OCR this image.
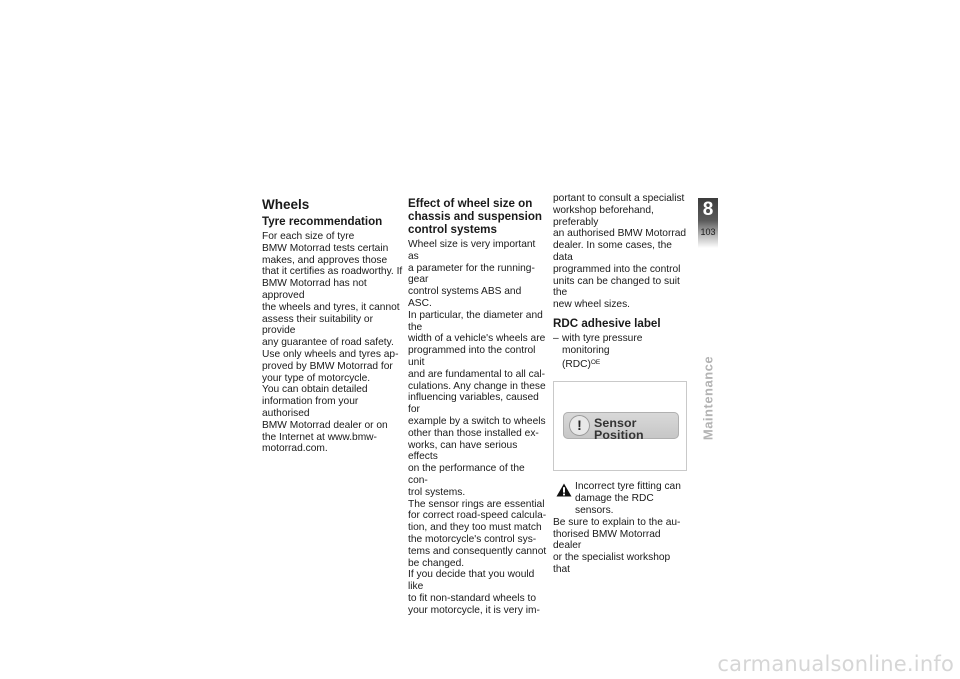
Wheels
Tyre recommendation

For each size of tyre
BMW Motorrad tests certain
makes, and approves those
that it certifies as roadworthy. If
BMW Motorrad has not approved
the wheels and tyres, it cannot
assess their suitability or provide
any guarantee of road safety.
Use only wheels and tyres ap-
proved by BMW Motorrad for
your type of motorcycle.
You can obtain detailed
information from your authorised
BMW Motorrad dealer or on
the Internet at www.bmw-
motorrad.com.

Effect of wheel size on
chassis and suspension
control systems

Wheel size is very important as
a parameter for the running-gear
control systems ABS and ASC.
In particular, the diameter and the
width of a vehicle's wheels are
programmed into the control unit
and are fundamental to all cal-
culations. Any change in these
influencing variables, caused for
example by a switch to wheels
other than those installed ex-
works, can have serious effects
on the performance of the con-
trol systems.
The sensor rings are essential
for correct road-speed calcula-
tion, and they too must match
the motorcycle's control sys-
tems and consequently cannot
be changed.
If you decide that you would like
to fit non-standard wheels to
your motorcycle, it is very im-

portant to consult a specialist
workshop beforehand, preferably
an authorised BMW Motorrad
dealer. In some cases, the data
programmed into the control
units can be changed to suit the
new wheel sizes.

RDC adhesive label
– with tyre pressure monitoring
(RDC)$^{OE}$
! Sensor Position
Incorrect tyre fitting can
damage the RDC sensors.

Be sure to explain to the au-
thorised BMW Motorrad dealer
or the specialist workshop that

8
103
Maintenance
carmanualsonline.info
